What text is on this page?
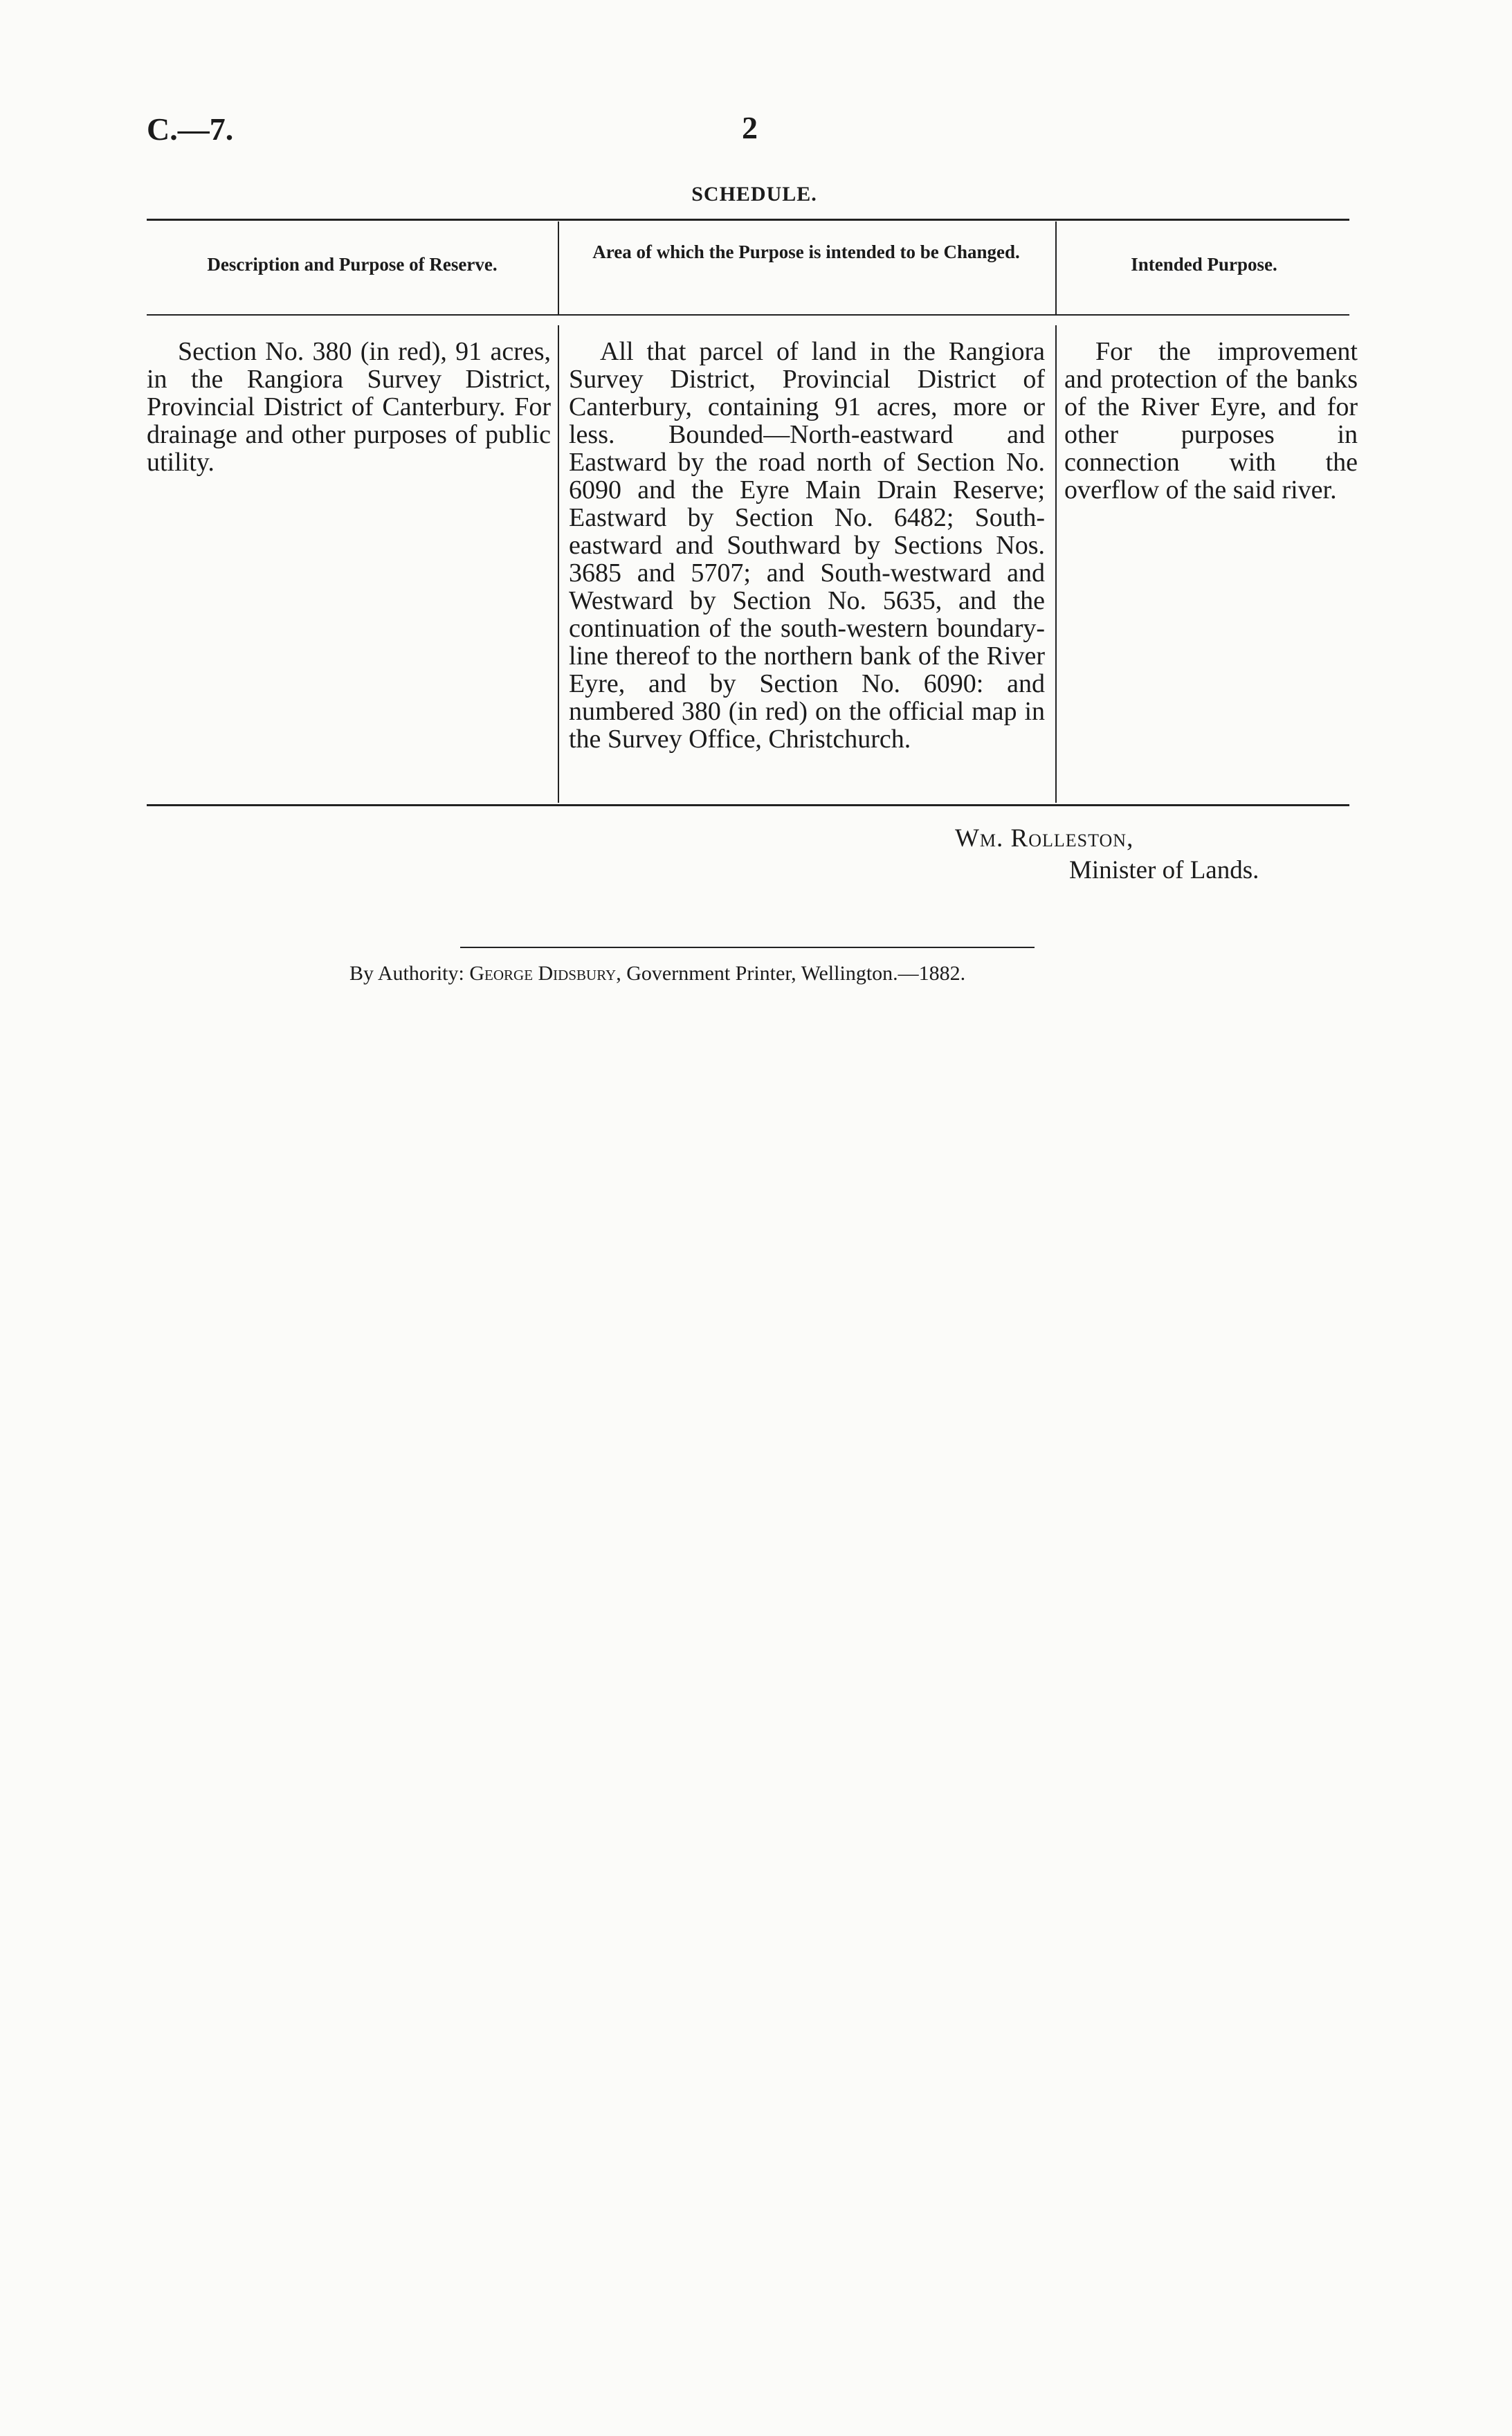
C.—7.	2
SCHEDULE.
Description and Purpose of Reserve.
Area of which the Purpose is intended to be Changed.
Intended Purpose.
Section No. 380 (in red), 91 acres, in the Rangiora Survey District, Provincial District of Canterbury. For drainage and other purposes of public utility.
All that parcel of land in the Rangiora Survey District, Provincial District of Canterbury, containing 91 acres, more or less. Bounded—North-eastward and Eastward by the road north of Section No. 6090 and the Eyre Main Drain Reserve; Eastward by Section No. 6482; South-eastward and Southward by Sections Nos. 3685 and 5707; and South-westward and Westward by Section No. 5635, and the continuation of the south-western boundary-line thereof to the northern bank of the River Eyre, and by Section No. 6090: and numbered 380 (in red) on the official map in the Survey Office, Christchurch.
For the improvement and protection of the banks of the River Eyre, and for other purposes in connection with the overflow of the said river.
Wm. Rolleston,
Minister of Lands.
By Authority: George Didsbury, Government Printer, Wellington.—1882.
